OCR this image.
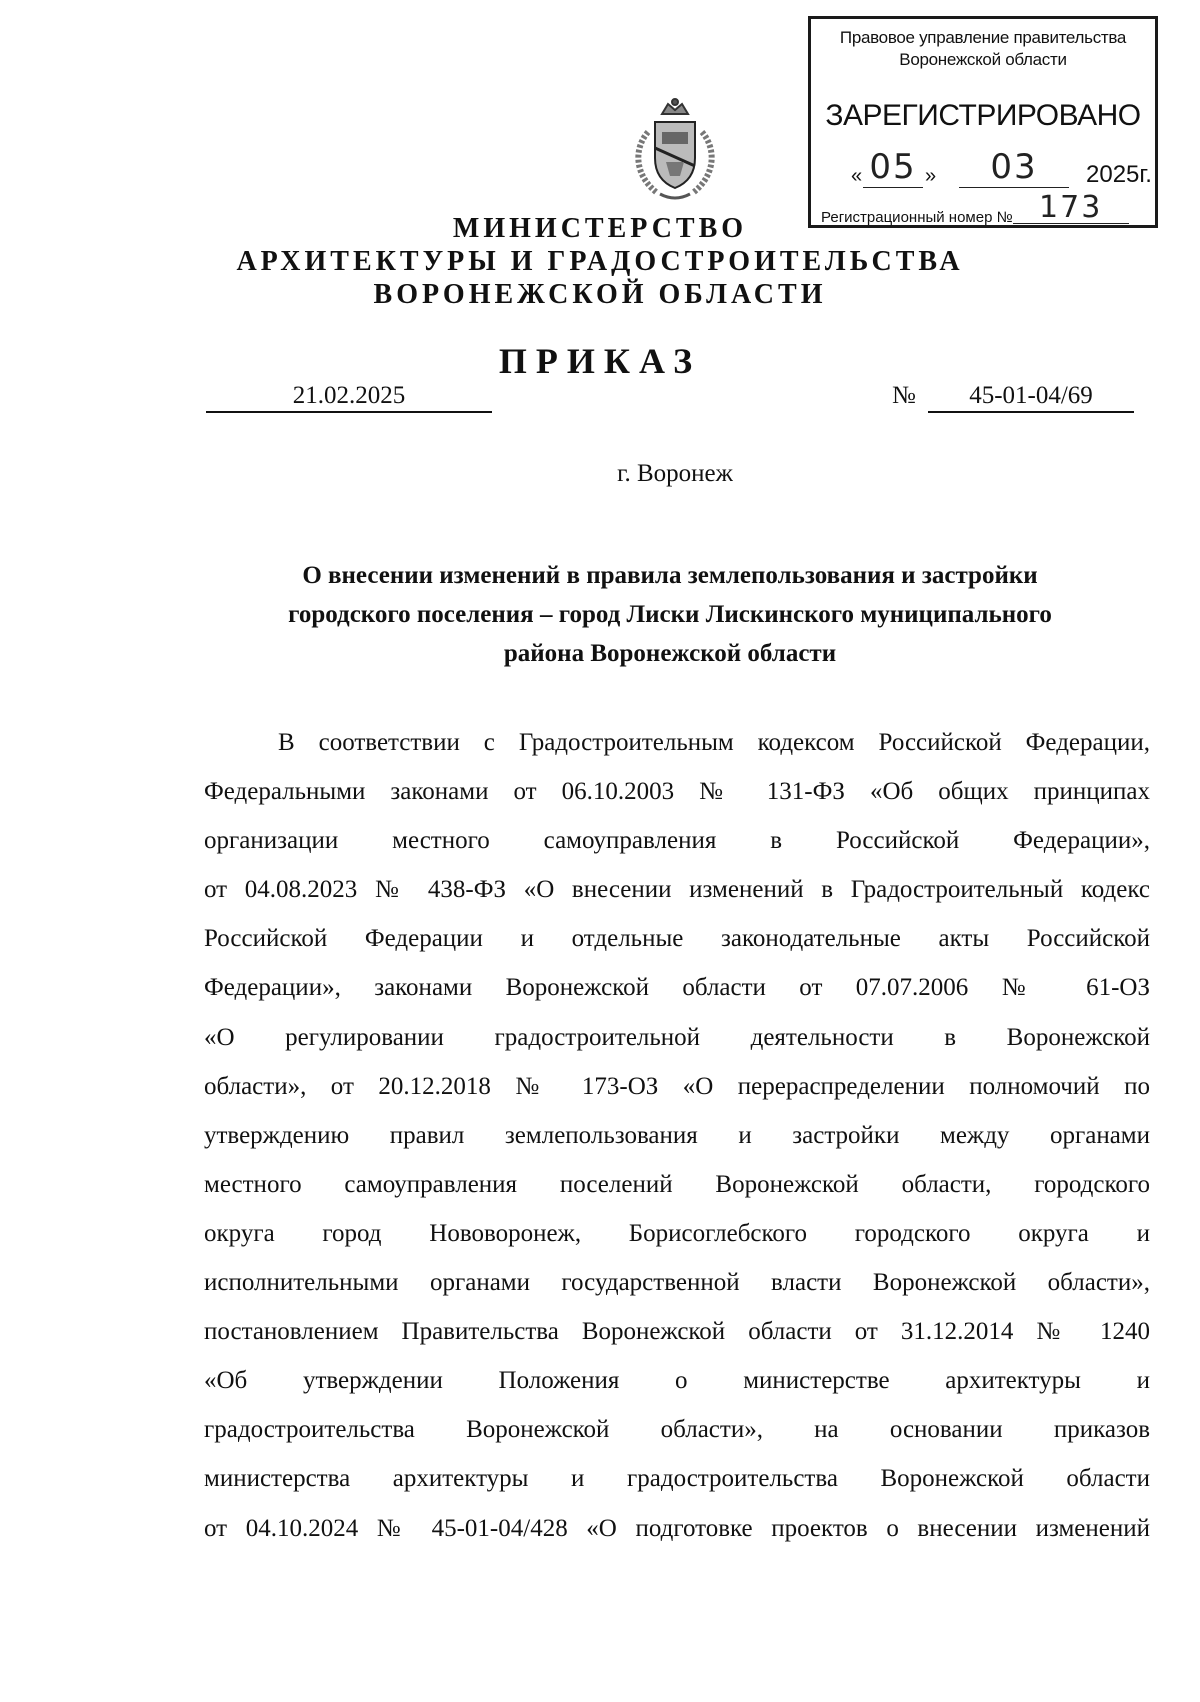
Правовое управление правительства
Воронежской области
ЗАРЕГИСТРИРОВАНО
« 05 »	03	2025г.
Регистрационный номер № 173
МИНИСТЕРСТВО
АРХИТЕКТУРЫ И ГРАДОСТРОИТЕЛЬСТВА
ВОРОНЕЖСКОЙ ОБЛАСТИ
ПРИКАЗ
21.02.2025	№	45-01-04/69
г. Воронеж
О внесении изменений в правила землепользования и застройки
городского поселения – город Лиски Лискинского муниципального
района Воронежской области
В соответствии с Градостроительным кодексом Российской Федерации,
Федеральными законами от 06.10.2003 № 131-ФЗ «Об общих принципах
организации местного самоуправления в Российской Федерации»,
от 04.08.2023 № 438-ФЗ «О внесении изменений в Градостроительный кодекс
Российской Федерации и отдельные законодательные акты Российской
Федерации», законами Воронежской области от 07.07.2006 № 61-ОЗ
«О регулировании градостроительной деятельности в Воронежской
области», от 20.12.2018 № 173-ОЗ «О перераспределении полномочий по
утверждению правил землепользования и застройки между органами
местного самоуправления поселений Воронежской области, городского
округа город Нововоронеж, Борисоглебского городского округа и
исполнительными органами государственной власти Воронежской области»,
постановлением Правительства Воронежской области от 31.12.2014 № 1240
«Об утверждении Положения о министерстве архитектуры и
градостроительства Воронежской области», на основании приказов
министерства архитектуры и градостроительства Воронежской области
от 04.10.2024 № 45-01-04/428 «О подготовке проектов о внесении изменений
